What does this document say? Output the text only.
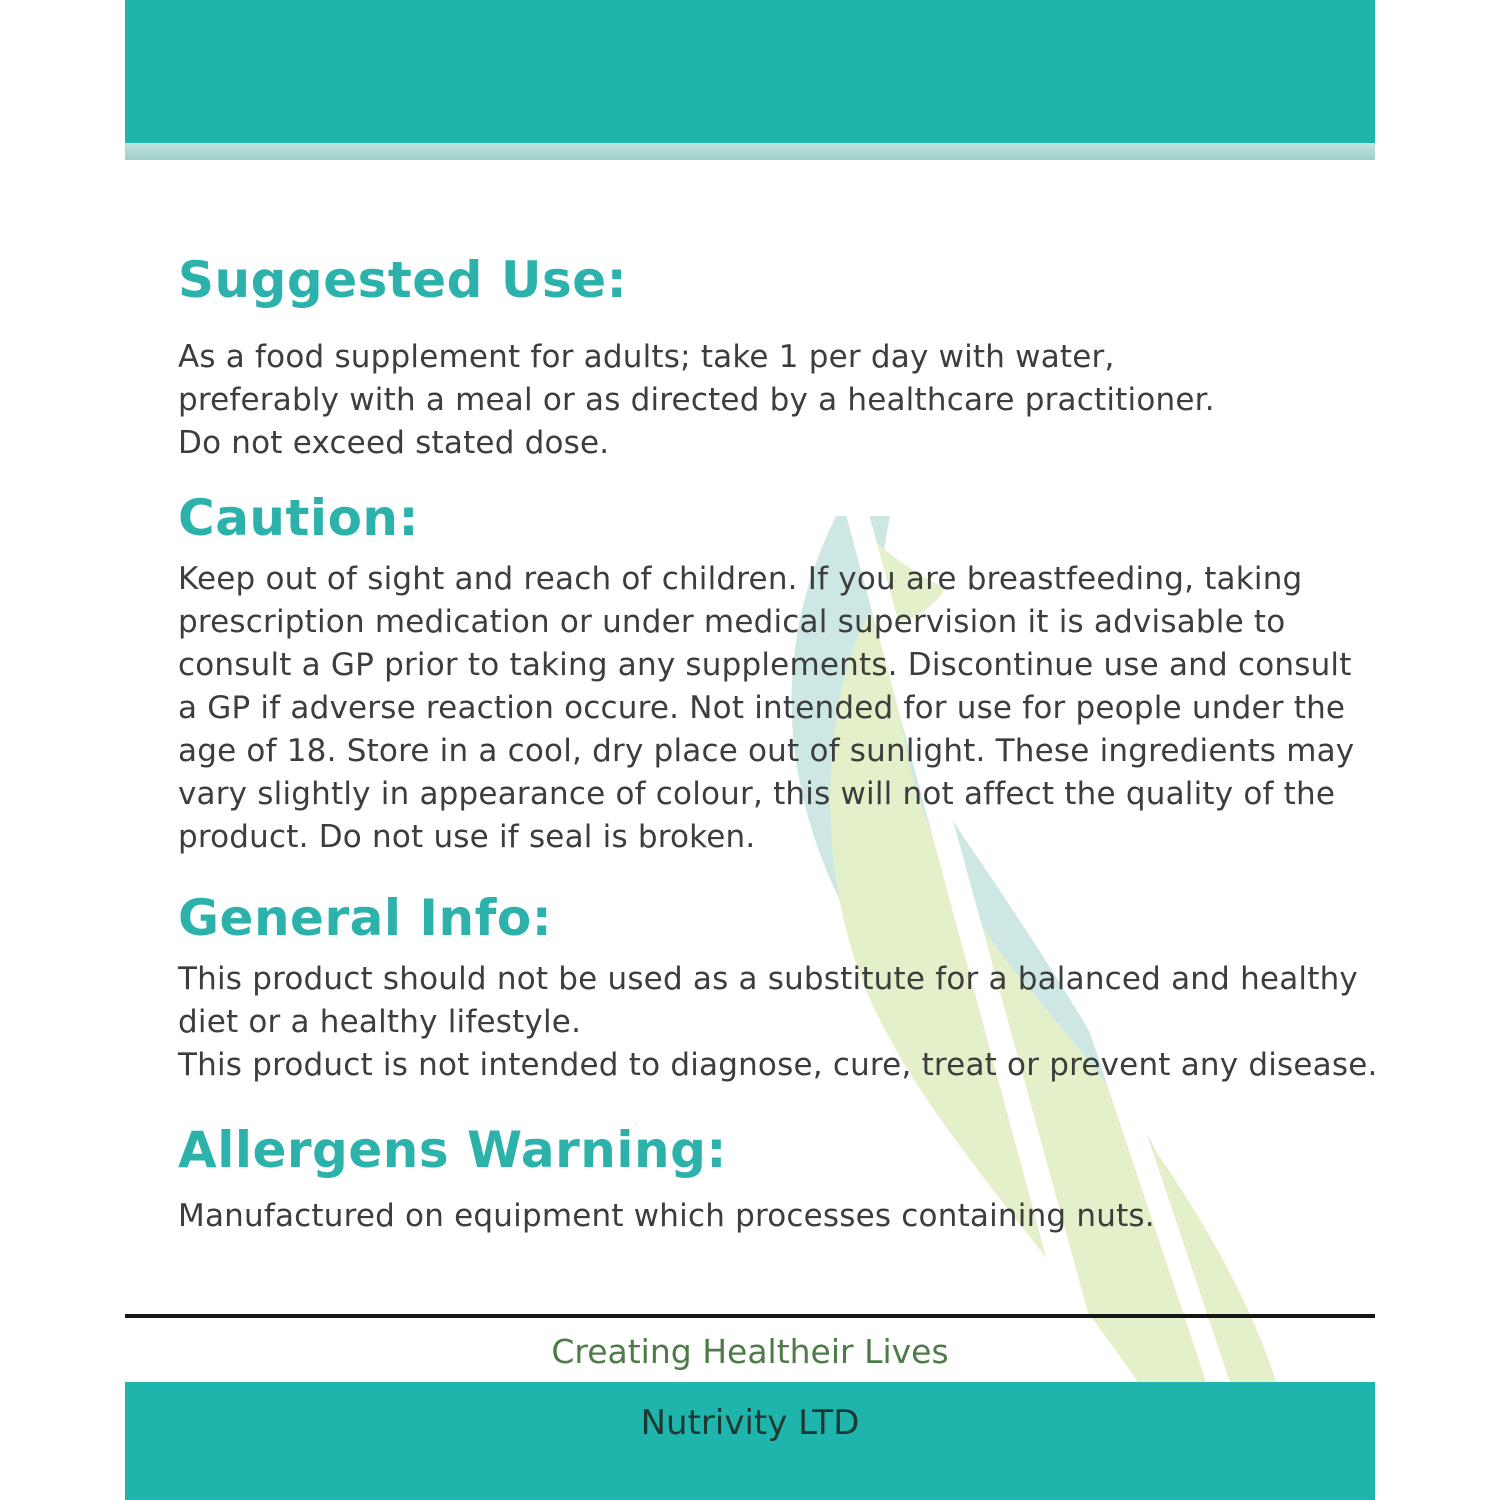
Suggested Use:
As a food supplement for adults; take 1 per day with water,
preferably with a meal or as directed by a healthcare practitioner.
Do not exceed stated dose.
Caution:
Keep out of sight and reach of children. If you are breastfeeding, taking
prescription medication or under medical supervision it is advisable to
consult a GP prior to taking any supplements. Discontinue use and consult
a GP if adverse reaction occure. Not intended for use for people under the
age of 18. Store in a cool, dry place out of sunlight. These ingredients may
vary slightly in appearance of colour, this will not affect the quality of the
product. Do not use if seal is broken.
General Info:
This product should not be used as a substitute for a balanced and healthy
diet or a healthy lifestyle.
This product is not intended to diagnose, cure, treat or prevent any disease.
Allergens Warning:
Manufactured on equipment which processes containing nuts.
Creating Healtheir Lives
Nutrivity LTD
